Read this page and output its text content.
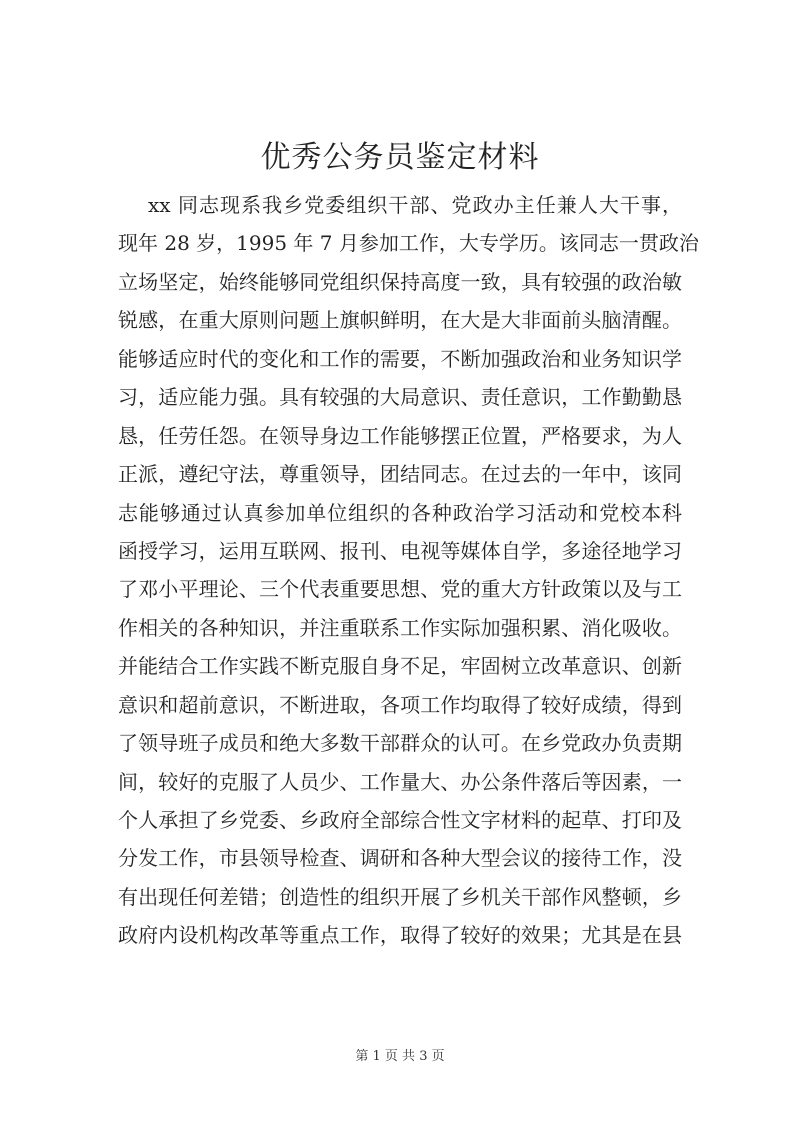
优秀公务员鉴定材料
xx 同志现系我乡党委组织干部、党政办主任兼人大干事，
现年 28 岁，1995 年 7 月参加工作，大专学历。该同志一贯政治
立场坚定，始终能够同党组织保持高度一致，具有较强的政治敏
锐感，在重大原则问题上旗帜鲜明，在大是大非面前头脑清醒。
能够适应时代的变化和工作的需要，不断加强政治和业务知识学
习，适应能力强。具有较强的大局意识、责任意识，工作勤勤恳
恳，任劳任怨。在领导身边工作能够摆正位置，严格要求，为人
正派，遵纪守法，尊重领导，团结同志。在过去的一年中，该同
志能够通过认真参加单位组织的各种政治学习活动和党校本科
函授学习，运用互联网、报刊、电视等媒体自学，多途径地学习
了邓小平理论、三个代表重要思想、党的重大方针政策以及与工
作相关的各种知识，并注重联系工作实际加强积累、消化吸收。
并能结合工作实践不断克服自身不足，牢固树立改革意识、创新
意识和超前意识，不断进取，各项工作均取得了较好成绩，得到
了领导班子成员和绝大多数干部群众的认可。在乡党政办负责期
间，较好的克服了人员少、工作量大、办公条件落后等因素，一
个人承担了乡党委、乡政府全部综合性文字材料的起草、打印及
分发工作，市县领导检查、调研和各种大型会议的接待工作，没
有出现任何差错；创造性的组织开展了乡机关干部作风整顿，乡
政府内设机构改革等重点工作，取得了较好的效果；尤其是在县
第 1 页 共 3 页
